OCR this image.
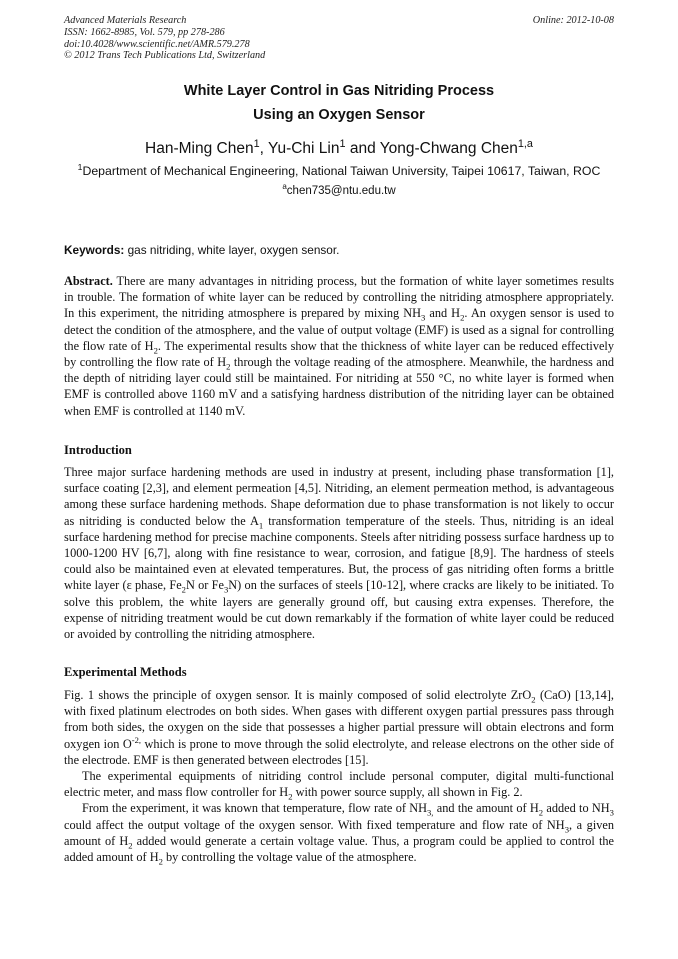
Advanced Materials Research
ISSN: 1662-8985, Vol. 579, pp 278-286
doi:10.4028/www.scientific.net/AMR.579.278
© 2012 Trans Tech Publications Ltd, Switzerland
Online: 2012-10-08
White Layer Control in Gas Nitriding Process
Using an Oxygen Sensor
Han-Ming Chen$^1$, Yu-Chi Lin$^1$ and Yong-Chwang Chen$^{1,a}$
$^1$Department of Mechanical Engineering, National Taiwan University, Taipei 10617, Taiwan, ROC
$^a$chen735@ntu.edu.tw
Keywords: gas nitriding, white layer, oxygen sensor.

Abstract. There are many advantages in nitriding process, but the formation of white layer sometimes results in trouble. The formation of white layer can be reduced by controlling the nitriding atmosphere appropriately. In this experiment, the nitriding atmosphere is prepared by mixing $NH_3$ and $H_2$. An oxygen sensor is used to detect the condition of the atmosphere, and the value of output voltage (EMF) is used as a signal for controlling the flow rate of $H_2$. The experimental results show that the thickness of white layer can be reduced effectively by controlling the flow rate of $H_2$ through the voltage reading of the atmosphere. Meanwhile, the hardness and the depth of nitriding layer could still be maintained. For nitriding at 550 °C, no white layer is formed when EMF is controlled above 1160 mV and a satisfying hardness distribution of the nitriding layer can be obtained when EMF is controlled at 1140 mV.

Introduction

Three major surface hardening methods are used in industry at present, including phase transformation [1], surface coating [2,3], and element permeation [4,5]. Nitriding, an element permeation method, is advantageous among these surface hardening methods. Shape deformation due to phase transformation is not likely to occur as nitriding is conducted below the $A_1$ transformation temperature of the steels. Thus, nitriding is an ideal surface hardening method for precise machine components. Steels after nitriding possess surface hardness up to 1000-1200 HV [6,7], along with fine resistance to wear, corrosion, and fatigue [8,9]. The hardness of steels could also be maintained even at elevated temperatures. But, the process of gas nitriding often forms a brittle white layer (ε phase, $Fe_2N$ or $Fe_3N$) on the surfaces of steels [10-12], where cracks are likely to be initiated. To solve this problem, the white layers are generally ground off, but causing extra expenses. Therefore, the expense of nitriding treatment would be cut down remarkably if the formation of white layer could be reduced or avoided by controlling the nitriding atmosphere.

Experimental Methods

Fig. 1 shows the principle of oxygen sensor. It is mainly composed of solid electrolyte ZrO$_2$ (CaO) [13,14], with fixed platinum electrodes on both sides. When gases with different oxygen partial pressures pass through from both sides, the oxygen on the side that possesses a higher partial pressure will obtain electrons and form oxygen ion $O^{-2,}$ which is prone to move through the solid electrolyte, and release electrons on the other side of the electrode. EMF is then generated between electrodes [15].

The experimental equipments of nitriding control include personal computer, digital multi-functional electric meter, and mass flow controller for $H_2$ with power source supply, all shown in Fig. 2.

From the experiment, it was known that temperature, flow rate of $NH_{3,}$ and the amount of $H_2$ added to $NH_3$ could affect the output voltage of the oxygen sensor. With fixed temperature and flow rate of $NH_3$, a given amount of $H_2$ added would generate a certain voltage value. Thus, a program could be applied to control the added amount of $H_2$ by controlling the voltage value of the atmosphere.
